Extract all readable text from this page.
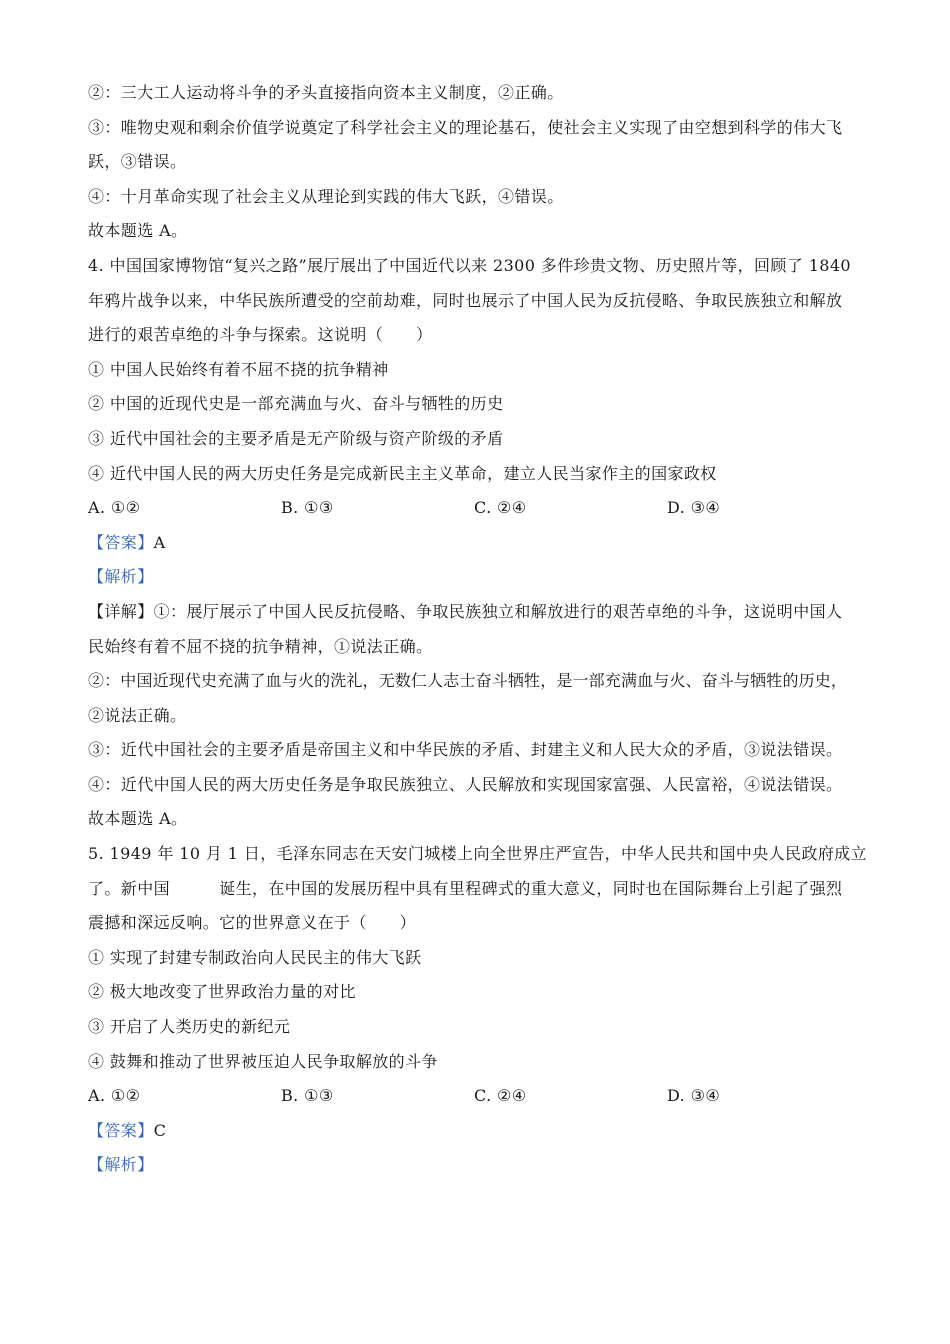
②：三大工人运动将斗争的矛头直接指向资本主义制度，②正确。
③：唯物史观和剩余价值学说奠定了科学社会主义的理论基石，使社会主义实现了由空想到科学的伟大飞
跃，③错误。
④：十月革命实现了社会主义从理论到实践的伟大飞跃，④错误。
故本题选 A。
4. 中国国家博物馆“复兴之路”展厅展出了中国近代以来 2300 多件珍贵文物、历史照片等，回顾了 1840
年鸦片战争以来，中华民族所遭受的空前劫难，同时也展示了中国人民为反抗侵略、争取民族独立和解放
进行的艰苦卓绝的斗争与探索。这说明（　　）
① 中国人民始终有着不屈不挠的抗争精神
② 中国的近现代史是一部充满血与火、奋斗与牺牲的历史
③ 近代中国社会的主要矛盾是无产阶级与资产阶级的矛盾
④ 近代中国人民的两大历史任务是完成新民主主义革命，建立人民当家作主的国家政权
A. ①②	B. ①③	C. ②④	D. ③④
【答案】A
【解析】
【详解】①：展厅展示了中国人民反抗侵略、争取民族独立和解放进行的艰苦卓绝的斗争，这说明中国人
民始终有着不屈不挠的抗争精神，①说法正确。
②：中国近现代史充满了血与火的洗礼，无数仁人志士奋斗牺牲，是一部充满血与火、奋斗与牺牲的历史，
②说法正确。
③：近代中国社会的主要矛盾是帝国主义和中华民族的矛盾、封建主义和人民大众的矛盾，③说法错误。
④：近代中国人民的两大历史任务是争取民族独立、人民解放和实现国家富强、人民富裕，④说法错误。
故本题选 A。
5. 1949 年 10 月 1 日，毛泽东同志在天安门城楼上向全世界庄严宣告，中华人民共和国中央人民政府成立
了。新中国　　　诞生，在中国的发展历程中具有里程碑式的重大意义，同时也在国际舞台上引起了强烈
震撼和深远反响。它的世界意义在于（　　）
① 实现了封建专制政治向人民民主的伟大飞跃
② 极大地改变了世界政治力量的对比
③ 开启了人类历史的新纪元
④ 鼓舞和推动了世界被压迫人民争取解放的斗争
A. ①②	B. ①③	C. ②④	D. ③④
【答案】C
【解析】
